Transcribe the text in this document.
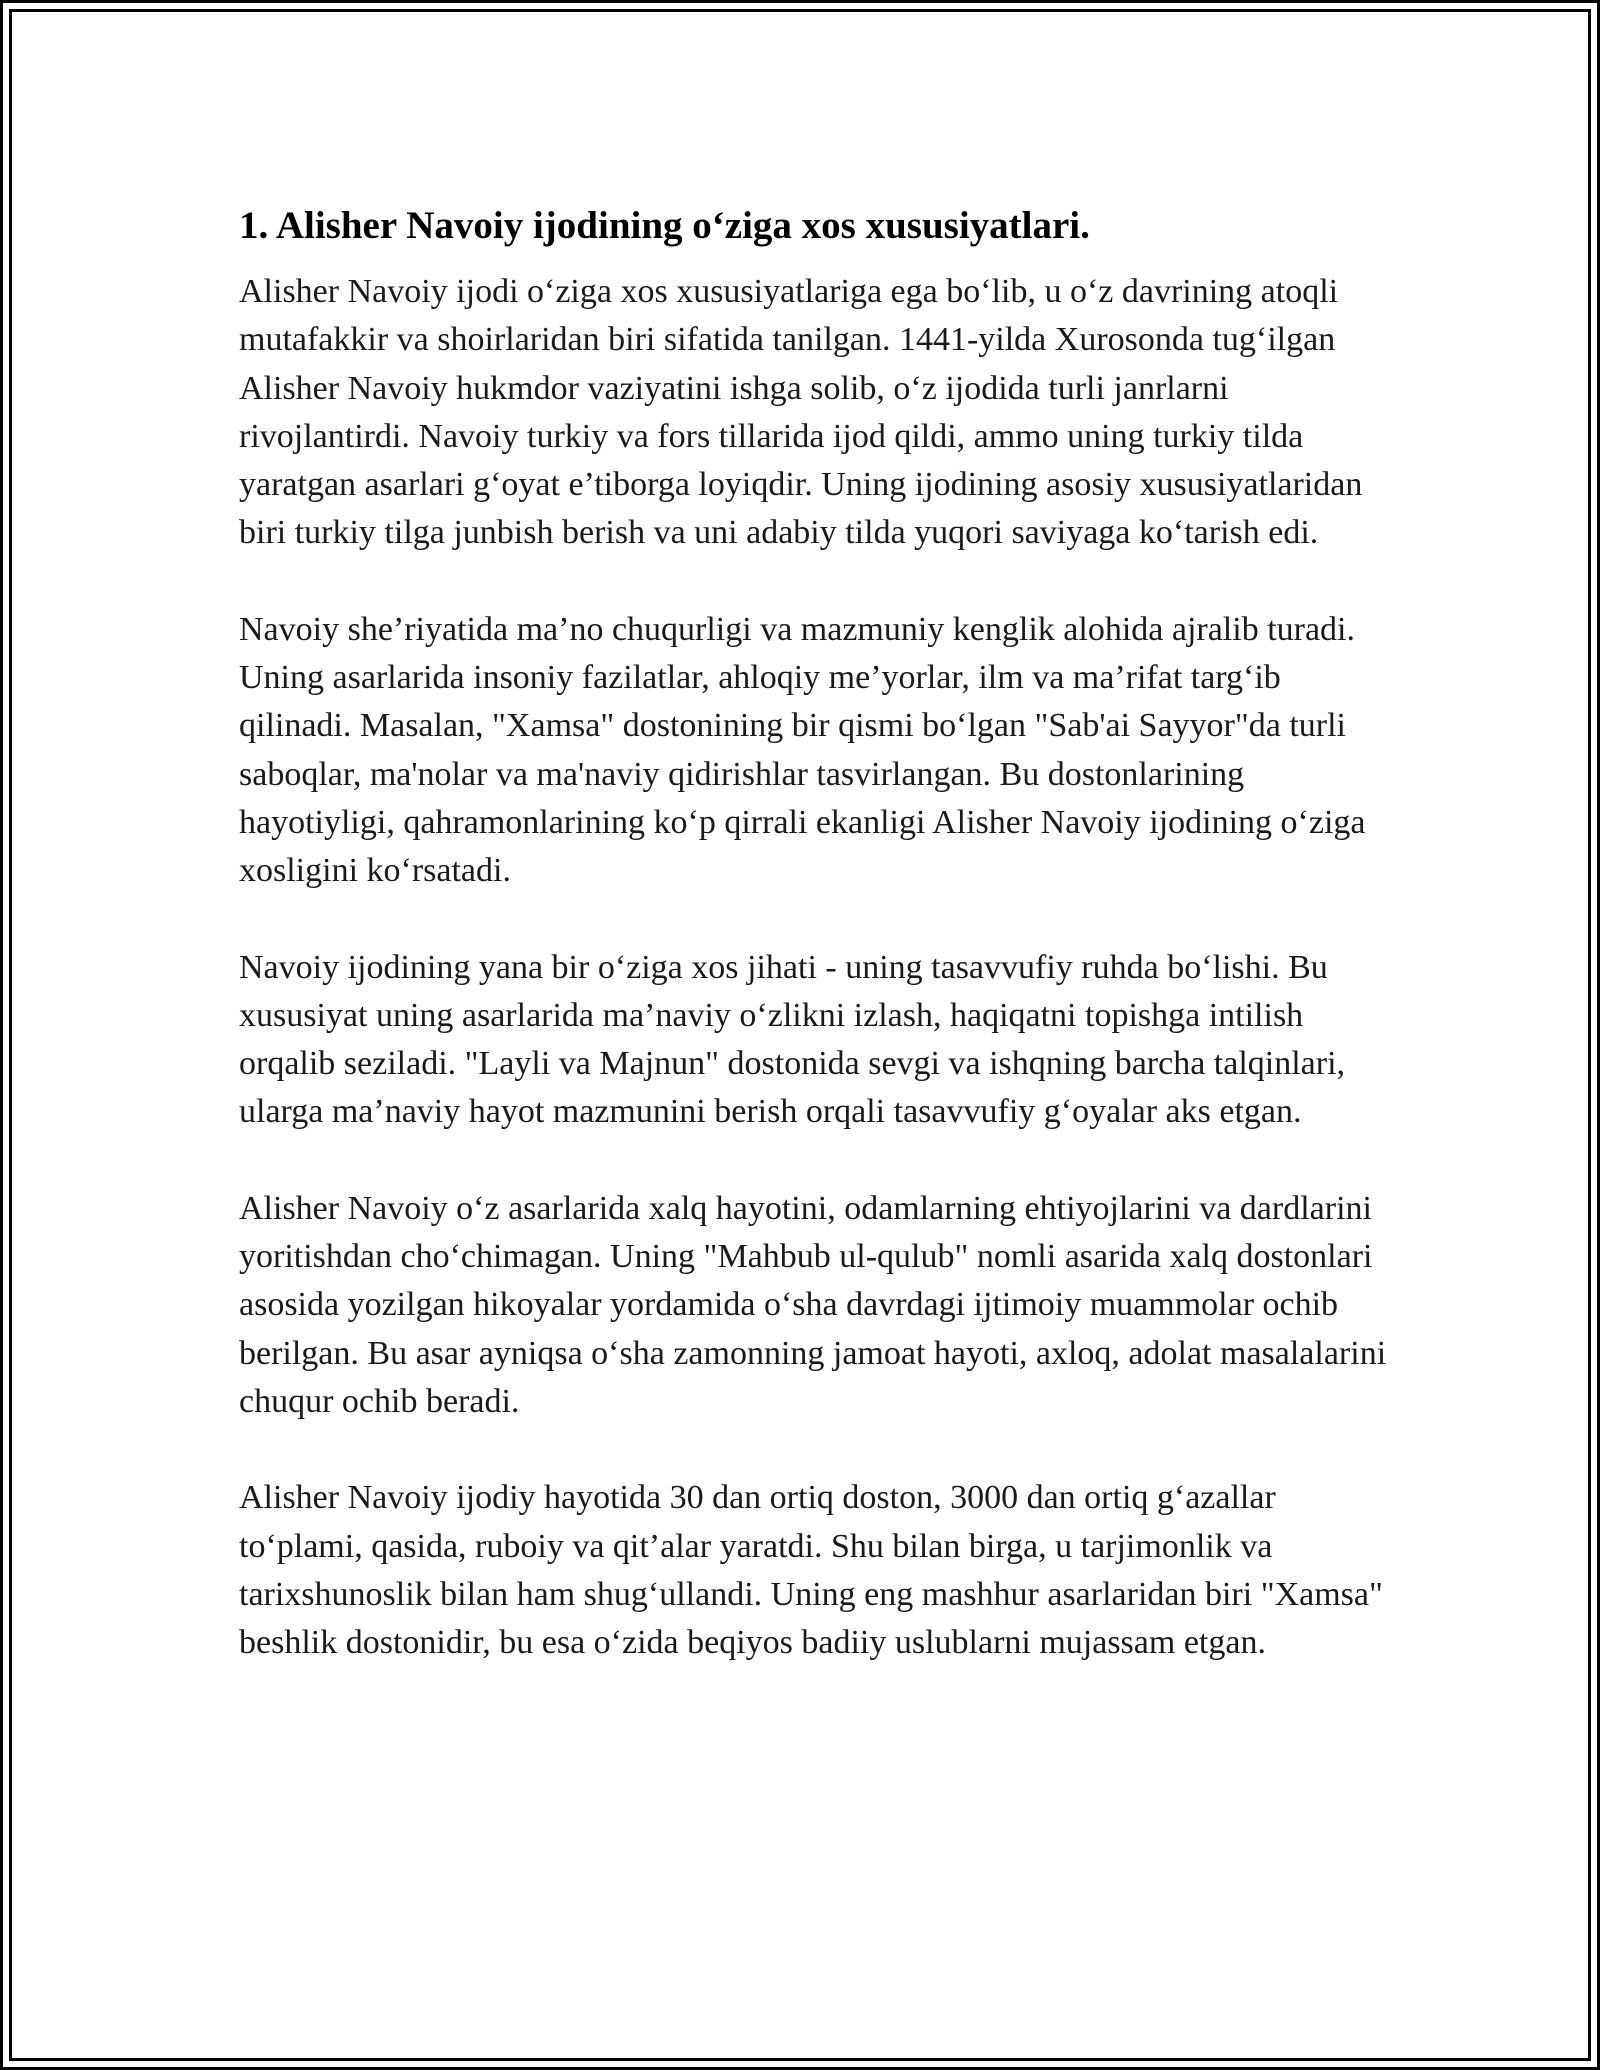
1. Alisher Navoiy ijodining o‘ziga xos xususiyatlari.

Alisher Navoiy ijodi o‘ziga xos xususiyatlariga ega bo‘lib, u o‘z davrining atoqli mutafakkir va shoirlaridan biri sifatida tanilgan. 1441-yilda Xurosonda tug‘ilgan Alisher Navoiy hukmdor vaziyatini ishga solib, o‘z ijodida turli janrlarni rivojlantirdi. Navoiy turkiy va fors tillarida ijod qildi, ammo uning turkiy tilda yaratgan asarlari g‘oyat e’tiborga loyiqdir. Uning ijodining asosiy xususiyatlaridan biri turkiy tilga junbish berish va uni adabiy tilda yuqori saviyaga ko‘tarish edi.

Navoiy she’riyatida ma’no chuqurligi va mazmuniy kenglik alohida ajralib turadi. Uning asarlarida insoniy fazilatlar, ahloqiy me’yorlar, ilm va ma’rifat targ‘ib qilinadi. Masalan, "Xamsa" dostonining bir qismi bo‘lgan "Sab'ai Sayyor"da turli saboqlar, ma'nolar va ma'naviy qidirishlar tasvirlangan. Bu dostonlarining hayotiyligi, qahramonlarining ko‘p qirrali ekanligi Alisher Navoiy ijodining o‘ziga xosligini ko‘rsatadi.

Navoiy ijodining yana bir o‘ziga xos jihati - uning tasavvufiy ruhda bo‘lishi. Bu xususiyat uning asarlarida ma’naviy o‘zlikni izlash, haqiqatni topishga intilish orqalib seziladi. "Layli va Majnun" dostonida sevgi va ishqning barcha talqinlari, ularga ma’naviy hayot mazmunini berish orqali tasavvufiy g‘oyalar aks etgan.

Alisher Navoiy o‘z asarlarida xalq hayotini, odamlarning ehtiyojlarini va dardlarini yoritishdan cho‘chimagan. Uning "Mahbub ul-qulub" nomli asarida xalq dostonlari asosida yozilgan hikoyalar yordamida o‘sha davrdagi ijtimoiy muammolar ochib berilgan. Bu asar ayniqsa o‘sha zamonning jamoat hayoti, axloq, adolat masalalarini chuqur ochib beradi.

Alisher Navoiy ijodiy hayotida 30 dan ortiq doston, 3000 dan ortiq g‘azallar to‘plami, qasida, ruboiy va qit’alar yaratdi. Shu bilan birga, u tarjimonlik va tarixshunoslik bilan ham shug‘ullandi. Uning eng mashhur asarlaridan biri "Xamsa" beshlik dostonidir, bu esa o‘zida beqiyos badiiy uslublarni mujassam etgan.
